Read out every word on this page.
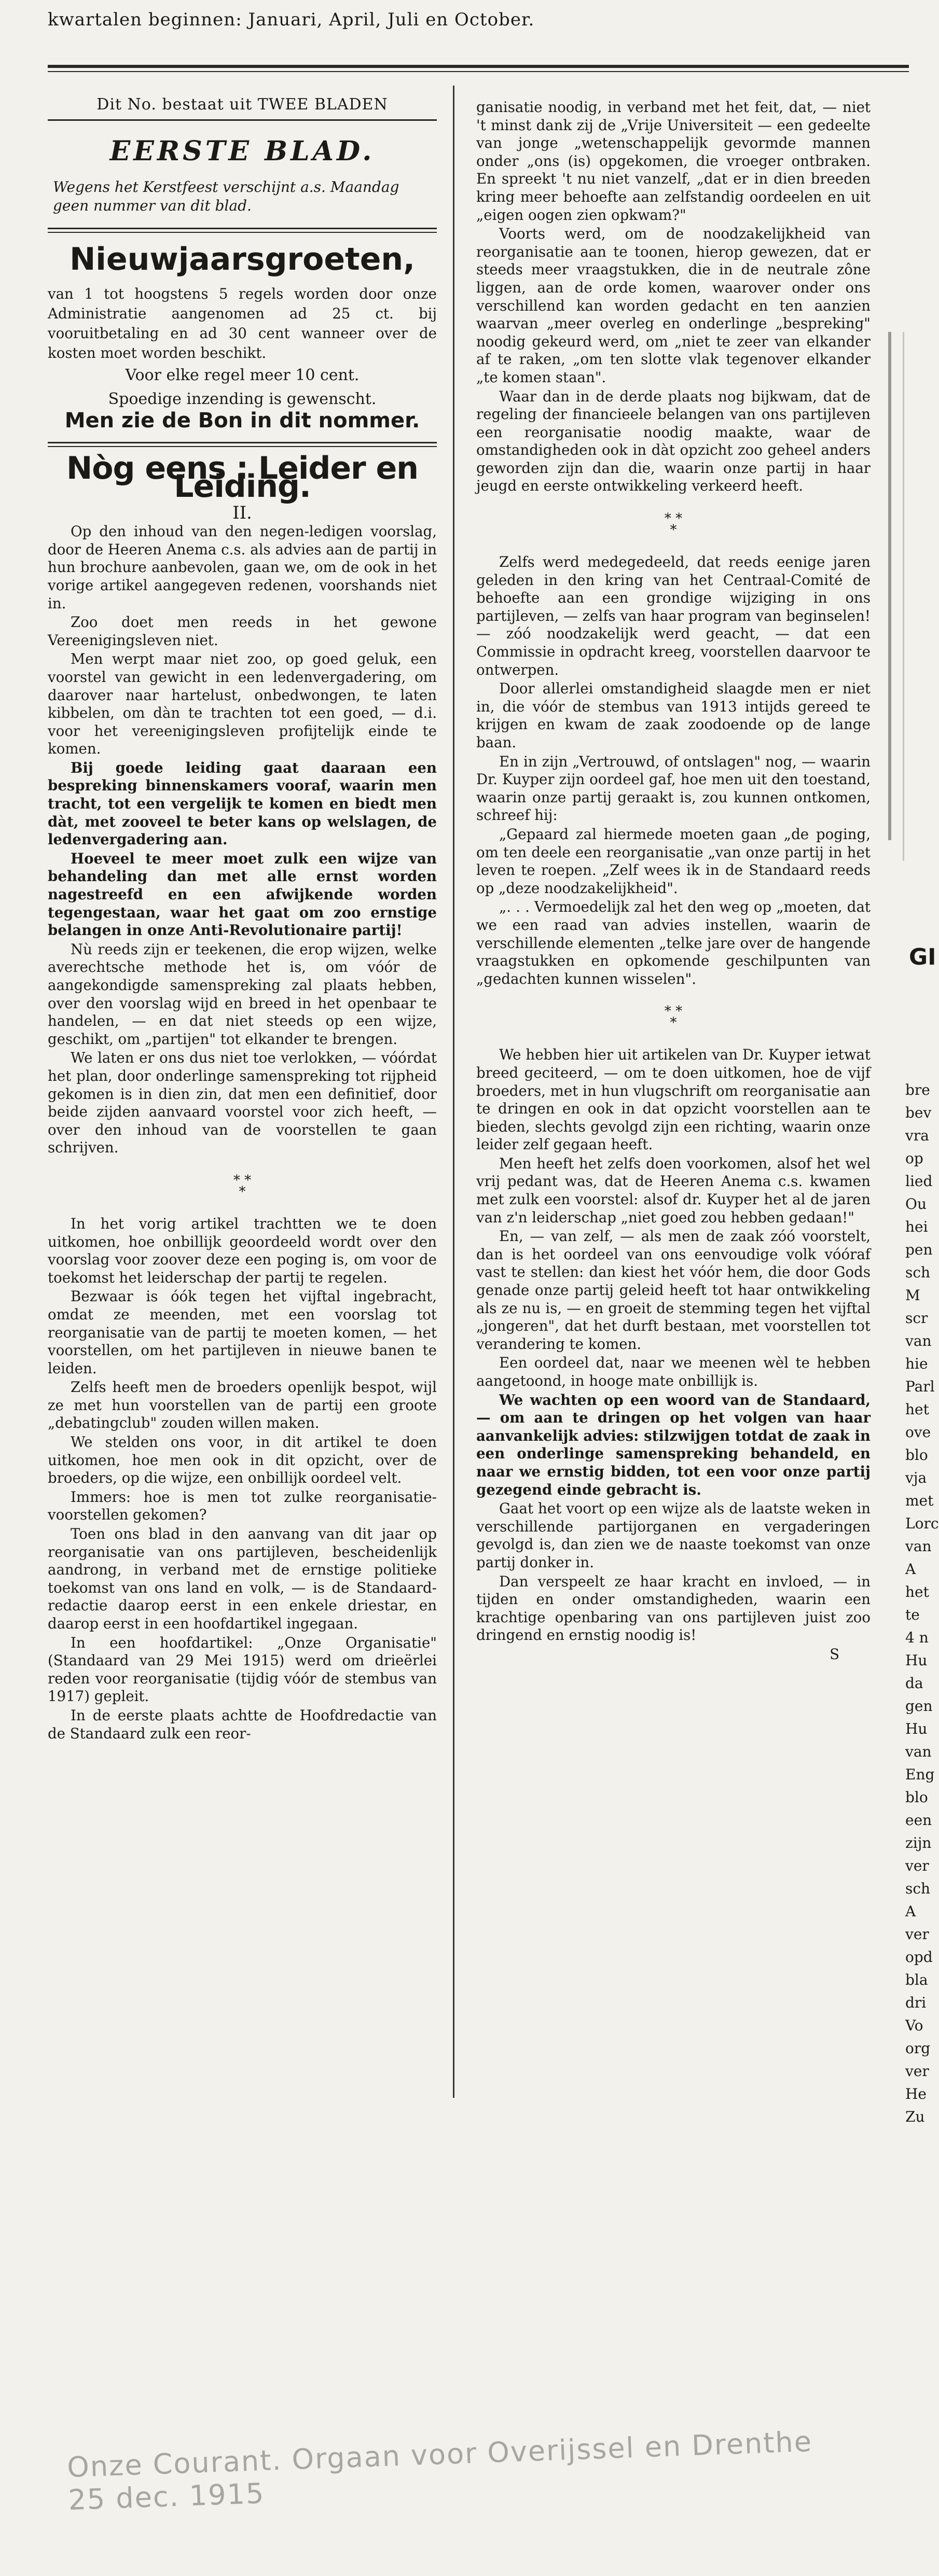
kwartalen beginnen: Januari, April, Juli en October.
Dit No. bestaat uit TWEE BLADEN
EERSTE BLAD.

Wegens het Kerstfeest verschijnt a.s. Maandag geen nummer van dit blad.

Nieuwjaarsgroeten,

van 1 tot hoogstens 5 regels worden door onze Administratie aangenomen ad 25 ct. bij vooruitbetaling en ad 30 cent wanneer over de kosten moet worden beschikt.

Voor elke regel meer 10 cent.

Spoedige inzending is gewenscht.

Men zie de Bon in dit nommer.

Nòg eens : Leider en Leiding.

II.

Op den inhoud van den negen-ledigen voorslag, door de Heeren Anema c.s. als advies aan de partij in hun brochure aanbevolen, gaan we, om de ook in het vorige artikel aangegeven redenen, voorshands niet in.

Zoo doet men reeds in het gewone Vereenigingsleven niet.

Men werpt maar niet zoo, op goed geluk, een voorstel van gewicht in een ledenvergadering, om daarover naar hartelust, onbedwongen, te laten kibbelen, om dàn te trachten tot een goed, — d.i. voor het vereenigingsleven profijtelijk einde te komen.

Bij goede leiding gaat daaraan een bespreking binnenskamers vooraf, waarin men tracht, tot een vergelijk te komen en biedt men dàt, met zooveel te beter kans op welslagen, de ledenvergadering aan.

Hoeveel te meer moet zulk een wijze van behandeling dan met alle ernst worden nagestreefd en een afwijkende worden tegengestaan, waar het gaat om zoo ernstige belangen in onze Anti-Revolutionaire partij!

Nù reeds zijn er teekenen, die erop wijzen, welke averechtsche methode het is, om vóór de aangekondigde samenspreking zal plaats hebben, over den voorslag wijd en breed in het openbaar te handelen, — en dat niet steeds op een wijze, geschikt, om „partijen" tot elkander te brengen.

We laten er ons dus niet toe verlokken, — vóórdat het plan, door onderlinge samenspreking tot rijpheid gekomen is in dien zin, dat men een definitief, door beide zijden aanvaard voorstel voor zich heeft, — over den inhoud van de voorstellen te gaan schrijven.

* *
*

In het vorig artikel trachtten we te doen uitkomen, hoe onbillijk geoordeeld wordt over den voorslag voor zoover deze een poging is, om voor de toekomst het leiderschap der partij te regelen.

Bezwaar is óók tegen het vijftal ingebracht, omdat ze meenden, met een voorslag tot reorganisatie van de partij te moeten komen, — het voorstellen, om het partijleven in nieuwe banen te leiden.

Zelfs heeft men de broeders openlijk bespot, wijl ze met hun voorstellen van de partij een groote „debatingclub" zouden willen maken.

We stelden ons voor, in dit artikel te doen uitkomen, hoe men ook in dit opzicht, over de broeders, op die wijze, een onbillijk oordeel velt.

Immers: hoe is men tot zulke reorganisatie-voorstellen gekomen?

Toen ons blad in den aanvang van dit jaar op reorganisatie van ons partijleven, bescheidenlijk aandrong, in verband met de ernstige politieke toekomst van ons land en volk, — is de Standaard-redactie daarop eerst in een enkele driestar, en daarop eerst in een hoofdartikel ingegaan.

In een hoofdartikel: „Onze Organisatie" (Standaard van 29 Mei 1915) werd om drieërlei reden voor reorganisatie (tijdig vóór de stembus van 1917) gepleit.

In de eerste plaats achtte de Hoofdredactie van de Standaard zulk een reor-

ganisatie noodig, in verband met het feit, dat, — niet 't minst dank zij de „Vrije Universiteit — een gedeelte van jonge „wetenschappelijk gevormde mannen onder „ons (is) opgekomen, die vroeger ontbraken. En spreekt 't nu niet vanzelf, „dat er in dien breeden kring meer behoefte aan zelfstandig oordeelen en uit „eigen oogen zien opkwam?"

Voorts werd, om de noodzakelijkheid van reorganisatie aan te toonen, hierop gewezen, dat er steeds meer vraagstukken, die in de neutrale zône liggen, aan de orde komen, waarover onder ons verschillend kan worden gedacht en ten aanzien waarvan „meer overleg en onderlinge „bespreking" noodig gekeurd werd, om „niet te zeer van elkander af te raken, „om ten slotte vlak tegenover elkander „te komen staan".

Waar dan in de derde plaats nog bijkwam, dat de regeling der financieele belangen van ons partijleven een reorganisatie noodig maakte, waar de omstandigheden ook in dàt opzicht zoo geheel anders geworden zijn dan die, waarin onze partij in haar jeugd en eerste ontwikkeling verkeerd heeft.

* *
*

Zelfs werd medegedeeld, dat reeds eenige jaren geleden in den kring van het Centraal-Comité de behoefte aan een grondige wijziging in ons partijleven, — zelfs van haar program van beginselen! — zóó noodzakelijk werd geacht, — dat een Commissie in opdracht kreeg, voorstellen daarvoor te ontwerpen.

Door allerlei omstandigheid slaagde men er niet in, die vóór de stembus van 1913 intijds gereed te krijgen en kwam de zaak zoodoende op de lange baan.

En in zijn „Vertrouwd, of ontslagen" nog, — waarin Dr. Kuyper zijn oordeel gaf, hoe men uit den toestand, waarin onze partij geraakt is, zou kunnen ontkomen, schreef hij:

„Gepaard zal hiermede moeten gaan „de poging, om ten deele een reorganisatie „van onze partij in het leven te roepen. „Zelf wees ik in de Standaard reeds op „deze noodzakelijkheid".

„. . . Vermoedelijk zal het den weg op „moeten, dat we een raad van advies instellen, waarin de verschillende elementen „telke jare over de hangende vraagstukken en opkomende geschilpunten van „gedachten kunnen wisselen".

* *
*

We hebben hier uit artikelen van Dr. Kuyper ietwat breed geciteerd, — om te doen uitkomen, hoe de vijf broeders, met in hun vlugschrift om reorganisatie aan te dringen en ook in dat opzicht voorstellen aan te bieden, slechts gevolgd zijn een richting, waarin onze leider zelf gegaan heeft.

Men heeft het zelfs doen voorkomen, alsof het wel vrij pedant was, dat de Heeren Anema c.s. kwamen met zulk een voorstel: alsof dr. Kuyper het al de jaren van z'n leiderschap „niet goed zou hebben gedaan!"

En, — van zelf, — als men de zaak zóó voorstelt, dan is het oordeel van ons eenvoudige volk vóóraf vast te stellen: dan kiest het vóór hem, die door Gods genade onze partij geleid heeft tot haar ontwikkeling als ze nu is, — en groeit de stemming tegen het vijftal „jongeren", dat het durft bestaan, met voorstellen tot verandering te komen.

Een oordeel dat, naar we meenen wèl te hebben aangetoond, in hooge mate onbillijk is.

We wachten op een woord van de Standaard, — om aan te dringen op het volgen van haar aanvankelijk advies: stilzwijgen totdat de zaak in een onderlinge samenspreking behandeld, en naar we ernstig bidden, tot een voor onze partij gezegend einde gebracht is.

Gaat het voort op een wijze als de laatste weken in verschillende partijorganen en vergaderingen gevolgd is, dan zien we de naaste toekomst van onze partij donker in.

Dan verspeelt ze haar kracht en invloed, — in tijden en onder omstandigheden, waarin een krachtige openbaring van ons partijleven juist zoo dringend en ernstig noodig is!

S

GI
bre
bev
vra
op
lied
Ou
hei
pen
sch
M
scr
van
hie
Parl
het
ove
blo
vja
met
Lorc
van
A
het
te
4 n
Hu
da
gen
Hu
van
Eng
blo
een
zijn
ver
sch
A
ver
opd
bla
dri
Vo
org
ver
He
Zu
Onze Courant. Orgaan voor Overijssel en Drenthe 25 dec. 1915
